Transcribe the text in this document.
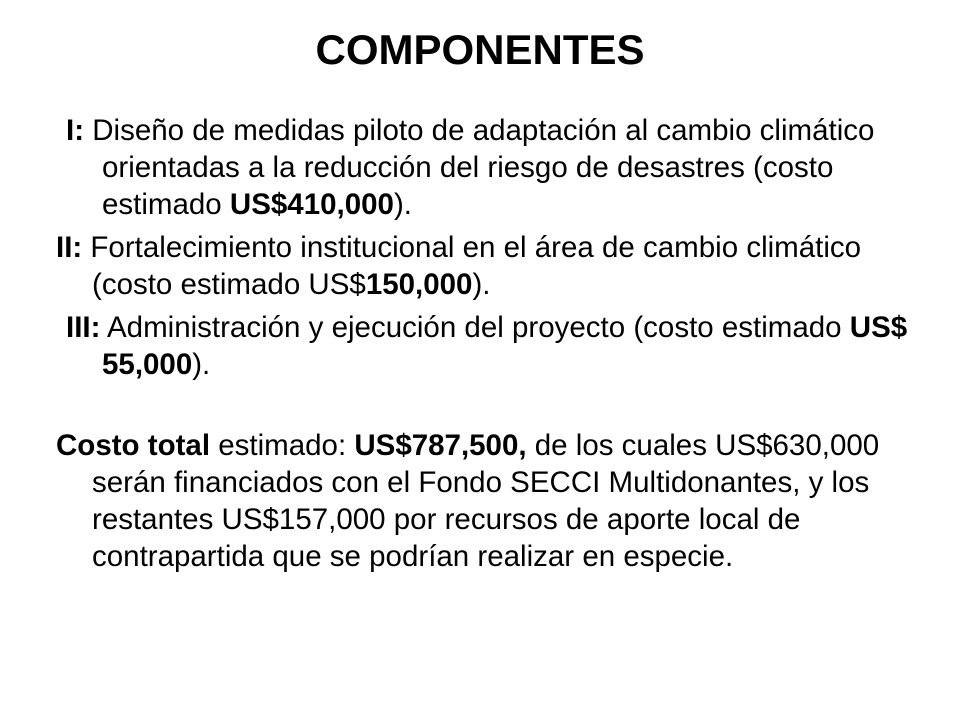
COMPONENTES

I: Diseño de medidas piloto de adaptación al cambio climático orientadas a la reducción del riesgo de desastres (costo estimado US$410,000).

II: Fortalecimiento institucional en el área de cambio climático (costo estimado US$150,000).

III: Administración y ejecución del proyecto (costo estimado US$ 55,000).

Costo total estimado: US$787,500, de los cuales US$630,000 serán financiados con el Fondo SECCI Multidonantes, y los restantes US$157,000 por recursos de aporte local de contrapartida que se podrían realizar en especie.
